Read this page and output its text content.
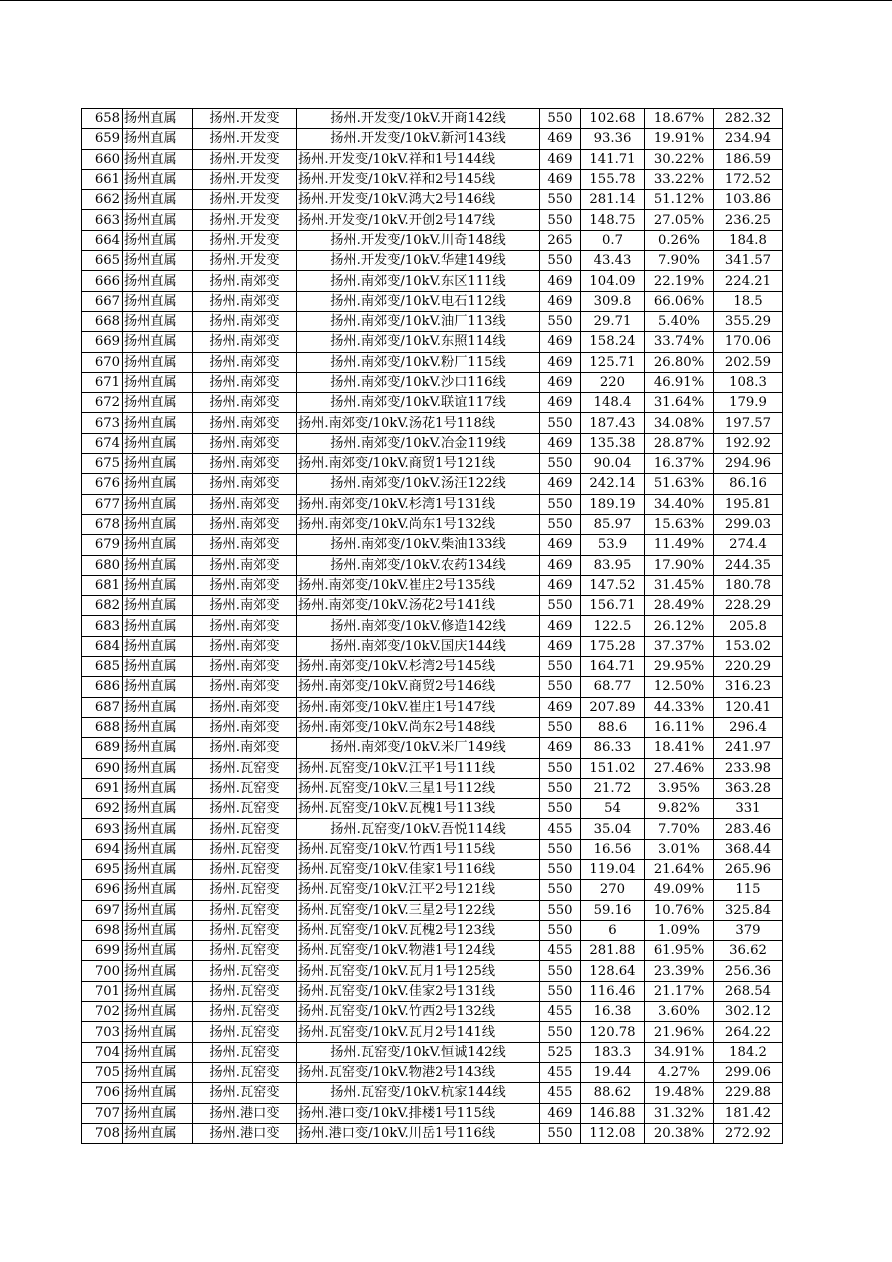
658	扬州直属	扬州.开发变	扬州.开发变/10kV.开商142线	550	102.68	18.67%	282.32
659	扬州直属	扬州.开发变	扬州.开发变/10kV.新河143线	469	93.36	19.91%	234.94
660	扬州直属	扬州.开发变	扬州.开发变/10kV.祥和1号144线	469	141.71	30.22%	186.59
661	扬州直属	扬州.开发变	扬州.开发变/10kV.祥和2号145线	469	155.78	33.22%	172.52
662	扬州直属	扬州.开发变	扬州.开发变/10kV.鸿大2号146线	550	281.14	51.12%	103.86
663	扬州直属	扬州.开发变	扬州.开发变/10kV.开创2号147线	550	148.75	27.05%	236.25
664	扬州直属	扬州.开发变	扬州.开发变/10kV.川奇148线	265	0.7	0.26%	184.8
665	扬州直属	扬州.开发变	扬州.开发变/10kV.华建149线	550	43.43	7.90%	341.57
666	扬州直属	扬州.南郊变	扬州.南郊变/10kV.东区111线	469	104.09	22.19%	224.21
667	扬州直属	扬州.南郊变	扬州.南郊变/10kV.电石112线	469	309.8	66.06%	18.5
668	扬州直属	扬州.南郊变	扬州.南郊变/10kV.油厂113线	550	29.71	5.40%	355.29
669	扬州直属	扬州.南郊变	扬州.南郊变/10kV.东照114线	469	158.24	33.74%	170.06
670	扬州直属	扬州.南郊变	扬州.南郊变/10kV.粉厂115线	469	125.71	26.80%	202.59
671	扬州直属	扬州.南郊变	扬州.南郊变/10kV.沙口116线	469	220	46.91%	108.3
672	扬州直属	扬州.南郊变	扬州.南郊变/10kV.联谊117线	469	148.4	31.64%	179.9
673	扬州直属	扬州.南郊变	扬州.南郊变/10kV.汤花1号118线	550	187.43	34.08%	197.57
674	扬州直属	扬州.南郊变	扬州.南郊变/10kV.冶金119线	469	135.38	28.87%	192.92
675	扬州直属	扬州.南郊变	扬州.南郊变/10kV.商贸1号121线	550	90.04	16.37%	294.96
676	扬州直属	扬州.南郊变	扬州.南郊变/10kV.汤汪122线	469	242.14	51.63%	86.16
677	扬州直属	扬州.南郊变	扬州.南郊变/10kV.杉湾1号131线	550	189.19	34.40%	195.81
678	扬州直属	扬州.南郊变	扬州.南郊变/10kV.尚东1号132线	550	85.97	15.63%	299.03
679	扬州直属	扬州.南郊变	扬州.南郊变/10kV.柴油133线	469	53.9	11.49%	274.4
680	扬州直属	扬州.南郊变	扬州.南郊变/10kV.农药134线	469	83.95	17.90%	244.35
681	扬州直属	扬州.南郊变	扬州.南郊变/10kV.崔庄2号135线	469	147.52	31.45%	180.78
682	扬州直属	扬州.南郊变	扬州.南郊变/10kV.汤花2号141线	550	156.71	28.49%	228.29
683	扬州直属	扬州.南郊变	扬州.南郊变/10kV.修造142线	469	122.5	26.12%	205.8
684	扬州直属	扬州.南郊变	扬州.南郊变/10kV.国庆144线	469	175.28	37.37%	153.02
685	扬州直属	扬州.南郊变	扬州.南郊变/10kV.杉湾2号145线	550	164.71	29.95%	220.29
686	扬州直属	扬州.南郊变	扬州.南郊变/10kV.商贸2号146线	550	68.77	12.50%	316.23
687	扬州直属	扬州.南郊变	扬州.南郊变/10kV.崔庄1号147线	469	207.89	44.33%	120.41
688	扬州直属	扬州.南郊变	扬州.南郊变/10kV.尚东2号148线	550	88.6	16.11%	296.4
689	扬州直属	扬州.南郊变	扬州.南郊变/10kV.米厂149线	469	86.33	18.41%	241.97
690	扬州直属	扬州.瓦窑变	扬州.瓦窑变/10kV.江平1号111线	550	151.02	27.46%	233.98
691	扬州直属	扬州.瓦窑变	扬州.瓦窑变/10kV.三星1号112线	550	21.72	3.95%	363.28
692	扬州直属	扬州.瓦窑变	扬州.瓦窑变/10kV.瓦槐1号113线	550	54	9.82%	331
693	扬州直属	扬州.瓦窑变	扬州.瓦窑变/10kV.吾悦114线	455	35.04	7.70%	283.46
694	扬州直属	扬州.瓦窑变	扬州.瓦窑变/10kV.竹西1号115线	550	16.56	3.01%	368.44
695	扬州直属	扬州.瓦窑变	扬州.瓦窑变/10kV.佳家1号116线	550	119.04	21.64%	265.96
696	扬州直属	扬州.瓦窑变	扬州.瓦窑变/10kV.江平2号121线	550	270	49.09%	115
697	扬州直属	扬州.瓦窑变	扬州.瓦窑变/10kV.三星2号122线	550	59.16	10.76%	325.84
698	扬州直属	扬州.瓦窑变	扬州.瓦窑变/10kV.瓦槐2号123线	550	6	1.09%	379
699	扬州直属	扬州.瓦窑变	扬州.瓦窑变/10kV.物港1号124线	455	281.88	61.95%	36.62
700	扬州直属	扬州.瓦窑变	扬州.瓦窑变/10kV.瓦月1号125线	550	128.64	23.39%	256.36
701	扬州直属	扬州.瓦窑变	扬州.瓦窑变/10kV.佳家2号131线	550	116.46	21.17%	268.54
702	扬州直属	扬州.瓦窑变	扬州.瓦窑变/10kV.竹西2号132线	455	16.38	3.60%	302.12
703	扬州直属	扬州.瓦窑变	扬州.瓦窑变/10kV.瓦月2号141线	550	120.78	21.96%	264.22
704	扬州直属	扬州.瓦窑变	扬州.瓦窑变/10kV.恒诚142线	525	183.3	34.91%	184.2
705	扬州直属	扬州.瓦窑变	扬州.瓦窑变/10kV.物港2号143线	455	19.44	4.27%	299.06
706	扬州直属	扬州.瓦窑变	扬州.瓦窑变/10kV.杭家144线	455	88.62	19.48%	229.88
707	扬州直属	扬州.港口变	扬州.港口变/10kV.排楼1号115线	469	146.88	31.32%	181.42
708	扬州直属	扬州.港口变	扬州.港口变/10kV.川岳1号116线	550	112.08	20.38%	272.92
